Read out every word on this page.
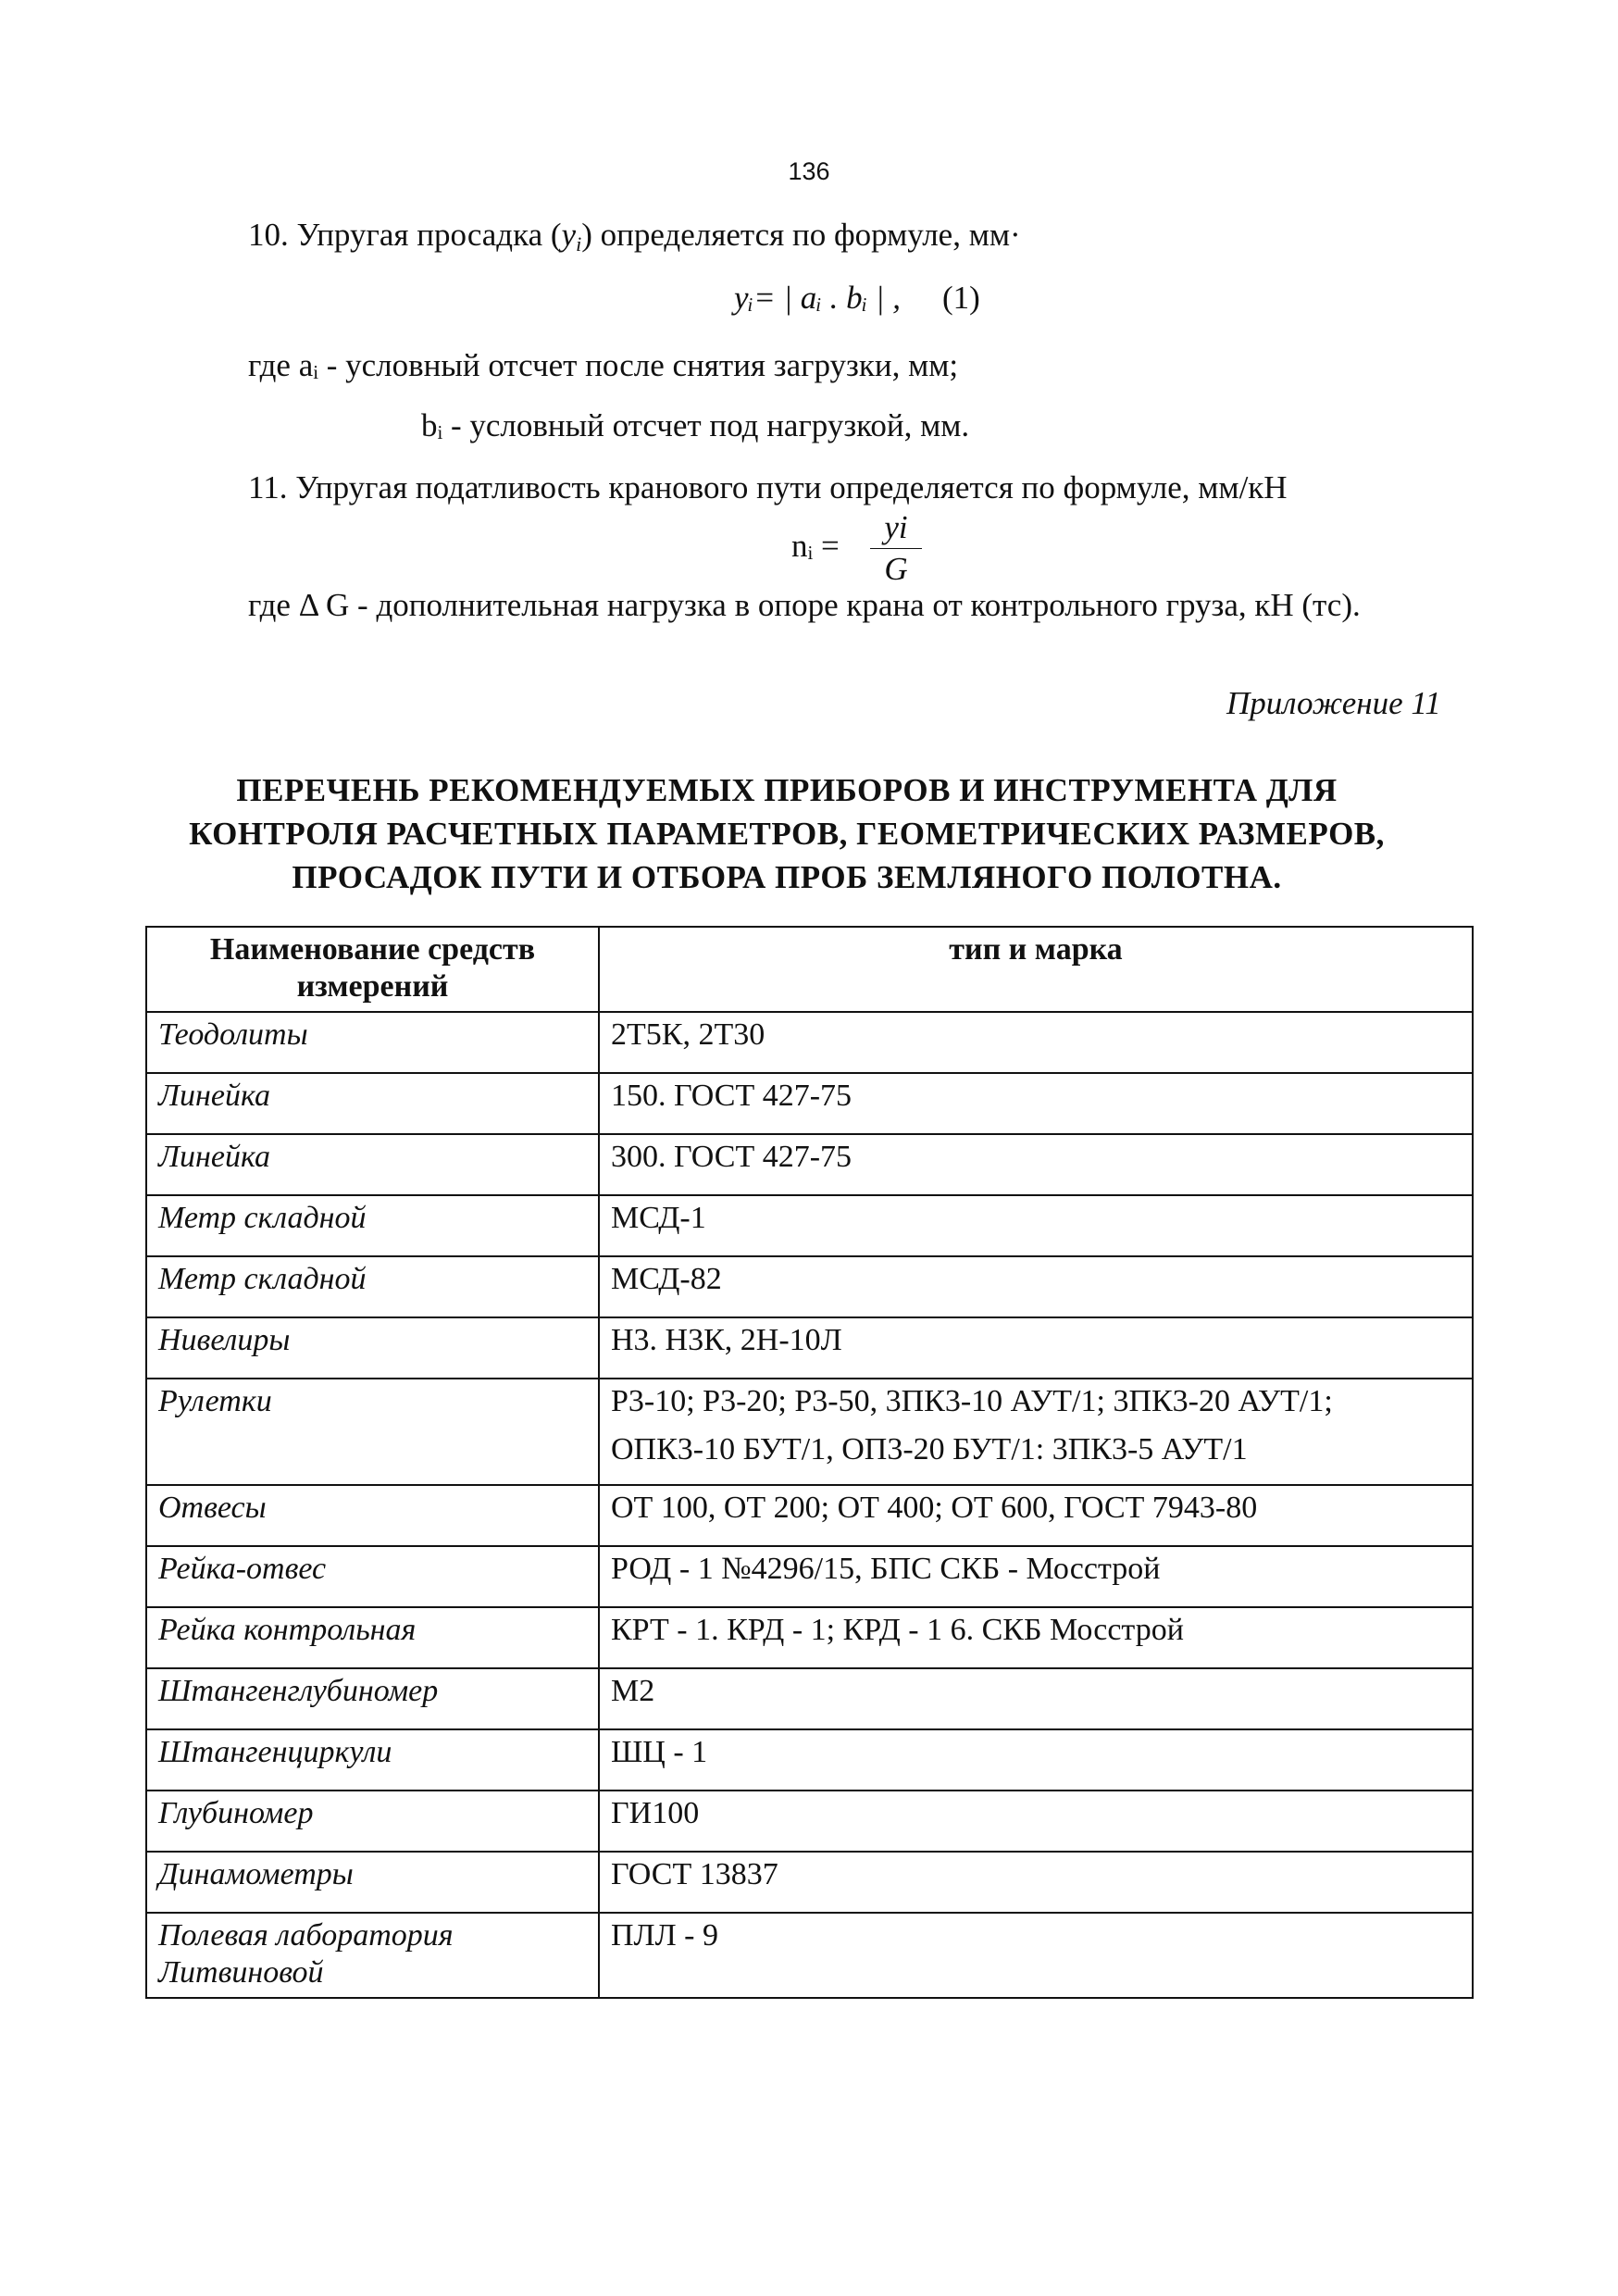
136
10. Упругая просадка $(y_i)$ определяется по формуле, мм·
yᵢ= | aᵢ . bᵢ | , (1)
где aᵢ - условный отсчет после снятия загрузки, мм;
bᵢ - условный отсчет под нагрузкой, мм.
11. Упругая податливость кранового пути определяется по формуле, мм/кН
nᵢ = $\frac{yi}{G}$
где Δ G - дополнительная нагрузка в опоре крана от контрольного груза, кН (тс).
Приложение 11
ПЕРЕЧЕНЬ РЕКОМЕНДУЕМЫХ ПРИБОРОВ И ИНСТРУМЕНТА ДЛЯ
КОНТРОЛЯ РАСЧЕТНЫХ ПАРАМЕТРОВ, ГЕОМЕТРИЧЕСКИХ РАЗМЕРОВ,
ПРОСАДОК ПУТИ И ОТБОРА ПРОБ ЗЕМЛЯНОГО ПОЛОТНА.
Наименование средств измерений	тип и марка
Теодолиты	2Т5К, 2Т30
Линейка	150. ГОСТ 427-75
Линейка	300. ГОСТ 427-75
Метр складной	МСД-1
Метр складной	МСД-82
Нивелиры	Н3. Н3К, 2Н-10Л
Рулетки	Р3-10; Р3-20; Р3-50, 3ПК3-10 АУТ/1; 3ПК3-20 АУТ/1;
ОПК3-10 БУТ/1, ОП3-20 БУТ/1: 3ПК3-5 АУТ/1

Отвесы	ОТ 100, ОТ 200; ОТ 400; ОТ 600, ГОСТ 7943-80
Рейка-отвес	РОД - 1 №4296/15, БПС СКБ - Мосстрой
Рейка контрольная	КРТ - 1. КРД - 1; КРД - 1 6. СКБ Мосстрой
Штангенглубиномер	М2
Штангенциркули	ШЦ - 1
Глубиномер	ГИ100
Динамометры	ГОСТ 13837
Полевая лаборатория Литвиновой	ПЛЛ - 9
